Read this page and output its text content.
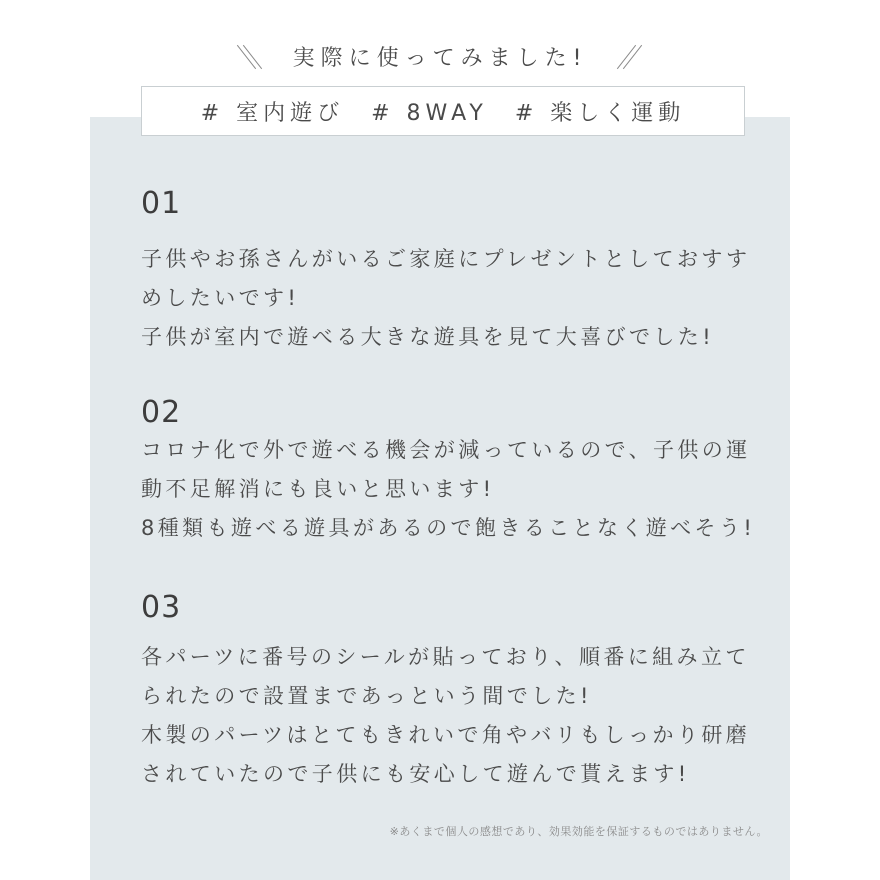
実際に使ってみました!
# 室内遊び　# 8WAY　# 楽しく運動

01

子供やお孫さんがいるご家庭にプレゼントとしておすす

めしたいです!

子供が室内で遊べる大きな遊具を見て大喜びでした!

02

コロナ化で外で遊べる機会が減っているので、子供の運

動不足解消にも良いと思います!

8種類も遊べる遊具があるので飽きることなく遊べそう!

03

各パーツに番号のシールが貼っており、順番に組み立て

られたので設置まであっという間でした!

木製のパーツはとてもきれいで角やバリもしっかり研磨

されていたので子供にも安心して遊んで貰えます!

※あくまで個人の感想であり、効果効能を保証するものではありません。
